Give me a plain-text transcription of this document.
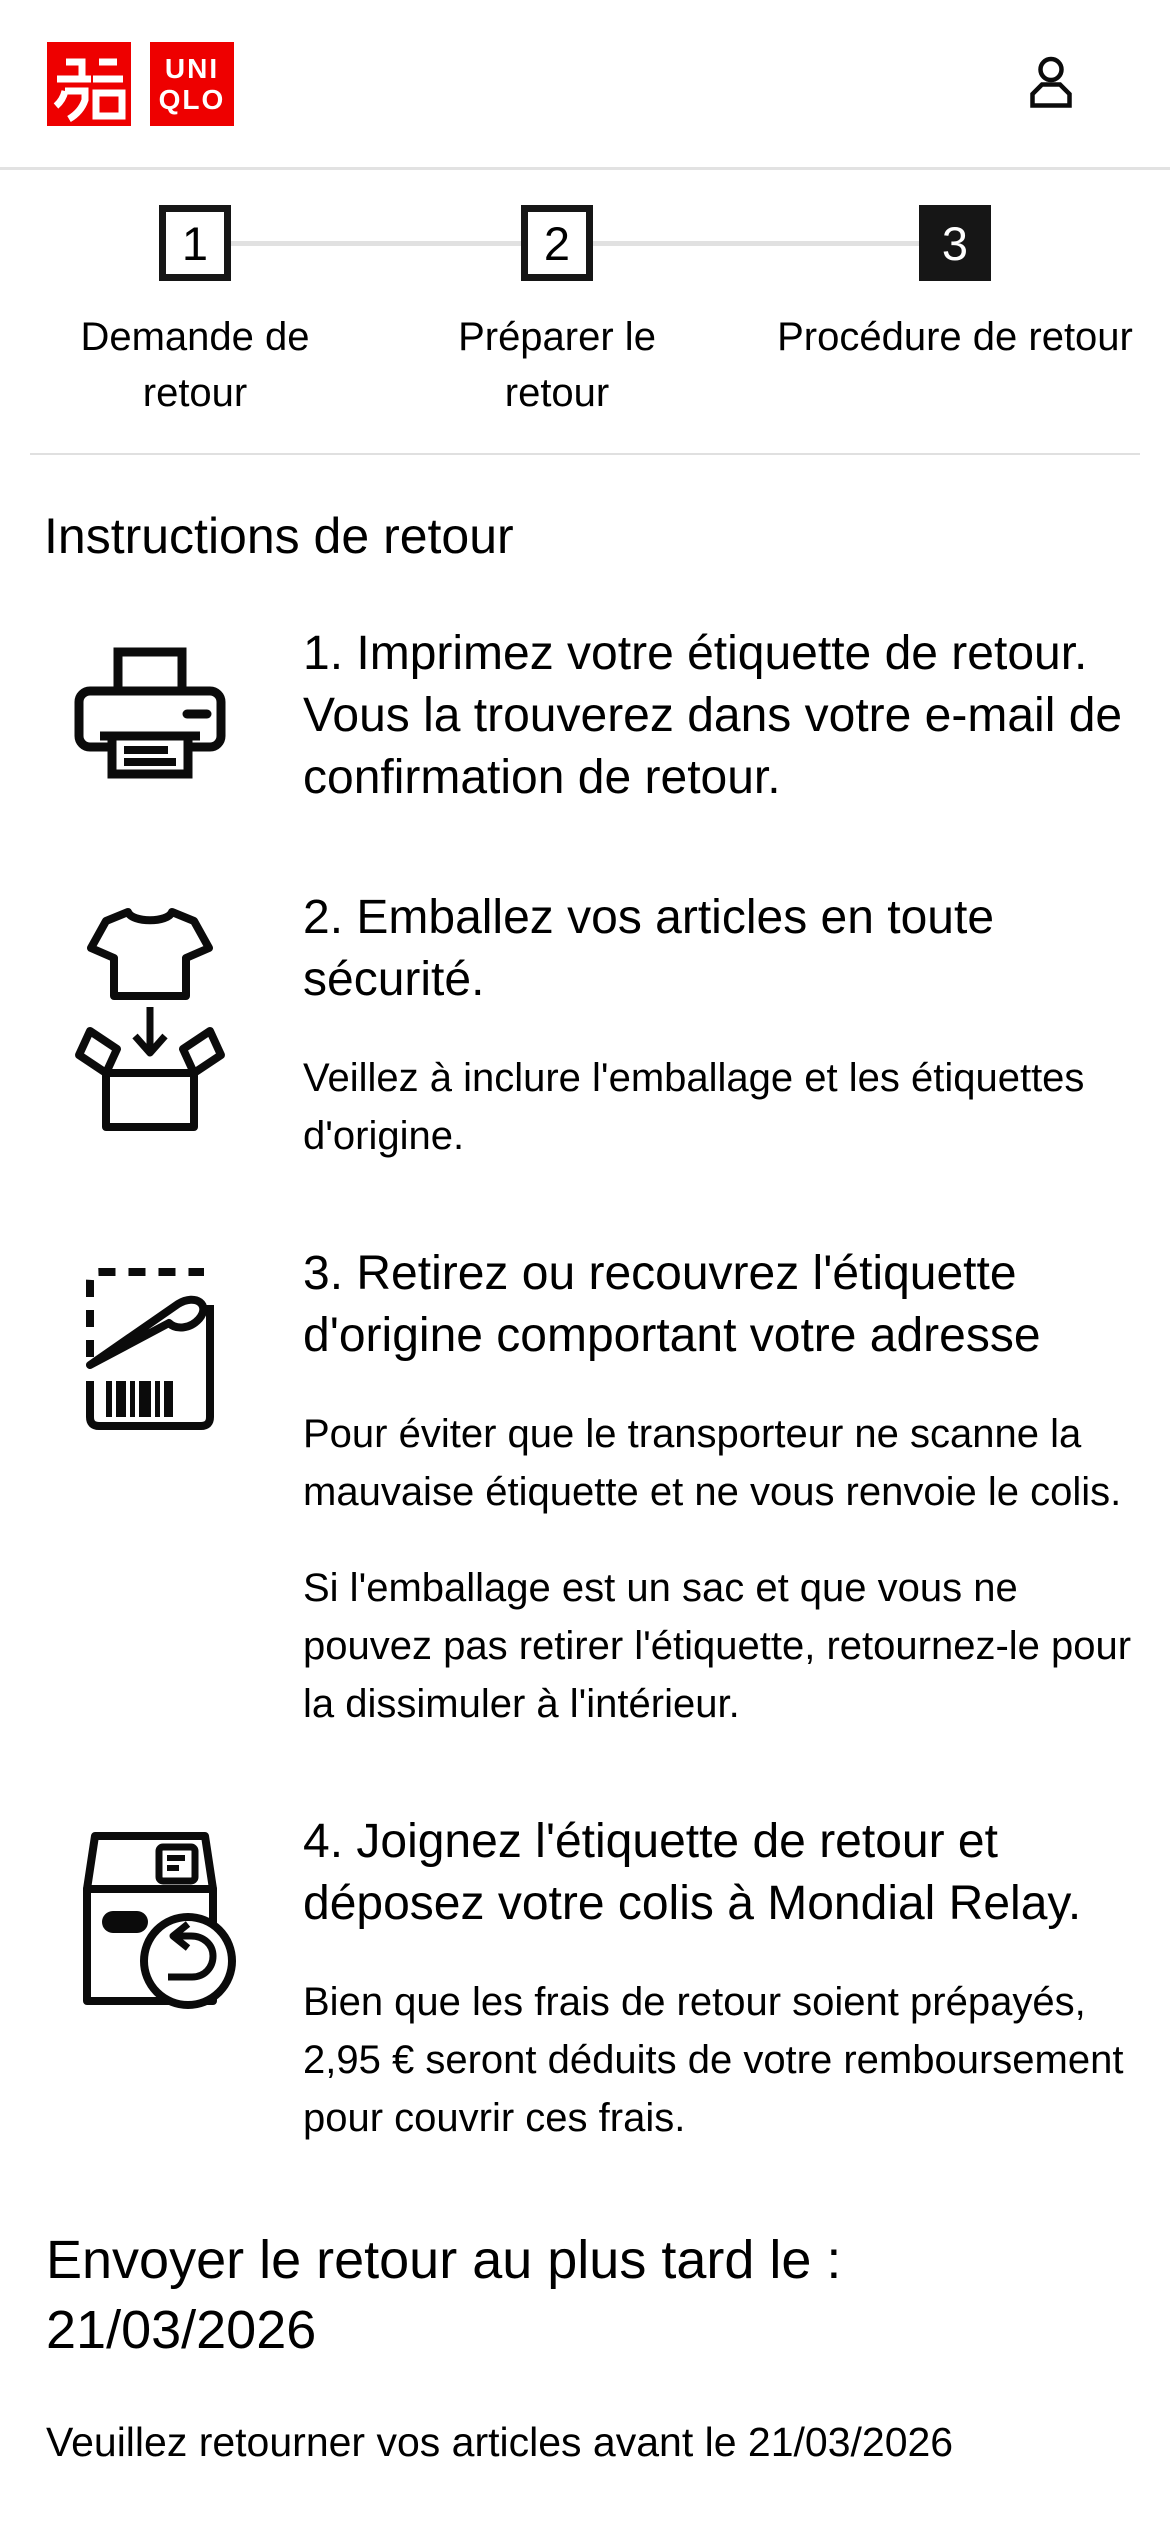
UNI
QLO
1
Demande de retour
2
Préparer le retour
3
Procédure de retour
Instructions de retour

1. Imprimez votre étiquette de retour. Vous la trouverez dans votre e-mail de confirmation de retour.

2. Emballez vos articles en toute sécurité.

Veillez à inclure l'emballage et les étiquettes d'origine.

3. Retirez ou recouvrez l'étiquette d'origine comportant votre adresse

Pour éviter que le transporteur ne scanne la mauvaise étiquette et ne vous renvoie le colis.

Si l'emballage est un sac et que vous ne pouvez pas retirer l'étiquette, retournez-le pour la dissimuler à l'intérieur.

4. Joignez l'étiquette de retour et déposez votre colis à Mondial Relay.

Bien que les frais de retour soient prépayés, 2,95 € seront déduits de votre remboursement pour couvrir ces frais.

Envoyer le retour au plus tard le :
21/03/2026

Veuillez retourner vos articles avant le 21/03/2026
